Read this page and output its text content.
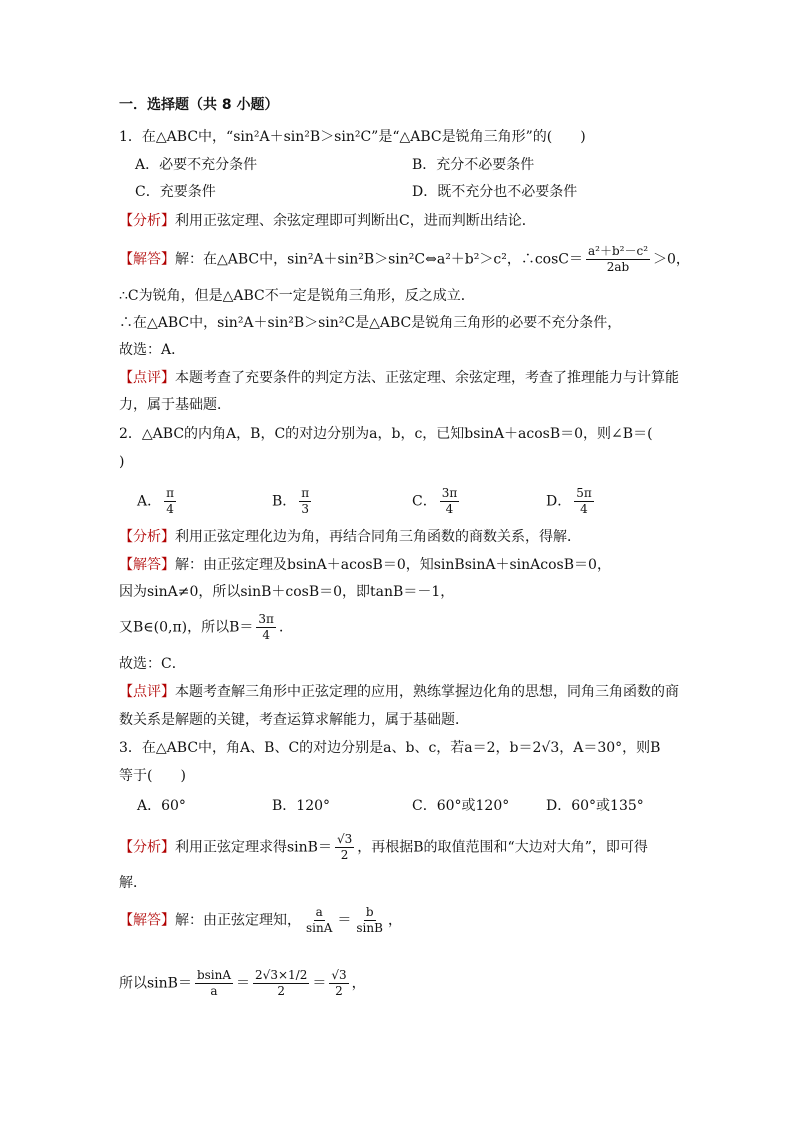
一．选择题（共 8 小题）
1．在△ABC中，“sin²A＋sin²B＞sin²C”是“△ABC是锐角三角形”的(　　)
A．必要不充分条件	B．充分不必要条件
C．充要条件	D．既不充分也不必要条件
【分析】利用正弦定理、余弦定理即可判断出C，进而判断出结论．
【解答】解：在△ABC中，sin²A＋sin²B＞sin²C⇔a²＋b²＞c²，∴cosC＝ $\frac{\text{a²＋b²－c²}}{2ab} >0$，
∴C为锐角，但是△ABC不一定是锐角三角形，反之成立．
∴在△ABC中，sin²A＋sin²B＞sin²C是△ABC是锐角三角形的必要不充分条件，
故选：A．
【点评】本题考查了充要条件的判定方法、正弦定理、余弦定理，考查了推理能力与计算能
力，属于基础题．
2．△ABC的内角A，B，C的对边分别为a，b，c，已知bsinA＋acosB＝0，则∠B＝(
)
A． $\frac{\pi}{4}$	B． $\frac{\pi}{3}$	C． $\frac{3\pi}{4}$	D． $\frac{5\pi}{4}$
【分析】利用正弦定理化边为角，再结合同角三角函数的商数关系，得解．
【解答】解：由正弦定理及bsinA＋acosB＝0，知sinBsinA＋sinAcosB＝0，
因为sinA≠0，所以sinB＋cosB＝0，即tanB＝－1，
又B∈(0,π)，所以$B= \frac{3\pi}{4}$ ．
故选：C．
【点评】本题考查解三角形中正弦定理的应用，熟练掌握边化角的思想，同角三角函数的商
数关系是解题的关键，考查运算求解能力，属于基础题．
3．在△ABC中，角A、B、C的对边分别是a、b、c，若a＝2，b＝2√3，A＝30°，则B
等于(　　)
A．60°	B．120°	C．60°或120°	D．60°或135°
【分析】利用正弦定理求得$\sin B= \frac{√3}{2}$ ，再根据B的取值范围和“大边对大角”，即可得
解．
【解答】解：由正弦定理知， $\frac{a}{\sin A} = \frac{b}{\sin B}$ ，
所以$\sin B= \frac{bsinA}{a} = \frac{2√3\times 1/2}{2} = \frac{√3}{2}$ ，
